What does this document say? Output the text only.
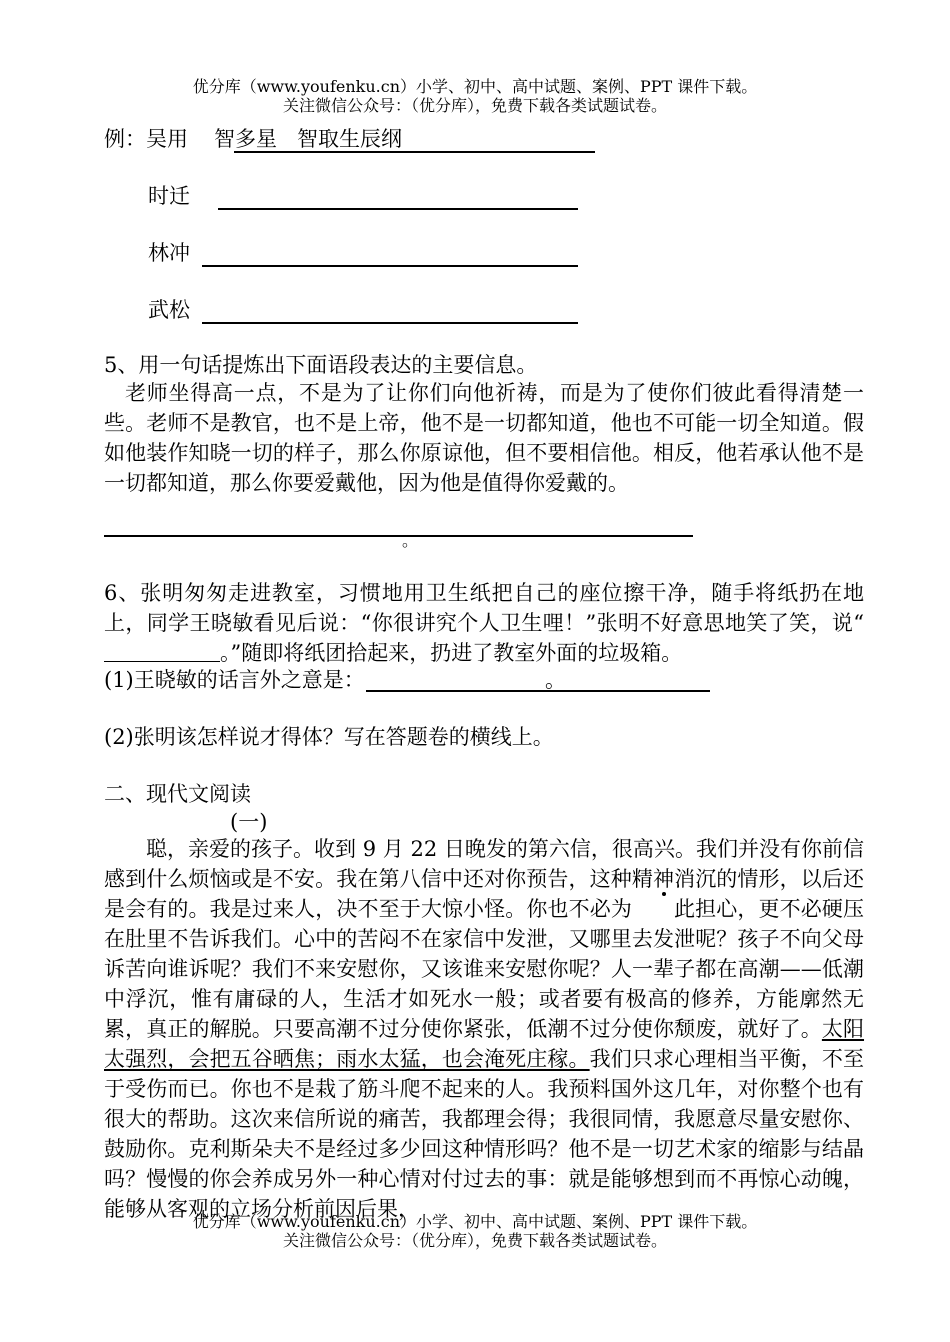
优分库（www.youfenku.cn）小学、初中、高中试题、案例、PPT 课件下载。
关注微信公众号：（优分库），免费下载各类试题试卷。
例：吴用 智多星 智取生辰纲
时迁
林冲
武松
5、用一句话提炼出下面语段表达的主要信息。
老师坐得高一点，不是为了让你们向他祈祷，而是为了使你们彼此看得清楚一些。老师不是教官，也不是上帝，他不是一切都知道，他也不可能一切全知道。假如他装作知晓一切的样子，那么你原谅他，但不要相信他。相反，他若承认他不是一切都知道，那么你要爱戴他，因为他是值得你爱戴的。
。
6、张明匆匆走进教室，习惯地用卫生纸把自己的座位擦干净，随手将纸扔在地上，同学王晓敏看见后说：“你很讲究个人卫生哩！”张明不好意思地笑了笑，说“。”随即将纸团拾起来，扔进了教室外面的垃圾箱。
(1)王晓敏的话言外之意是：	。
(2)张明该怎样说才得体？写在答题卷的横线上。
二、现代文阅读
(一)
聪，亲爱的孩子。收到 9 月 22 日晚发的第六信，很高兴。我们并没有你前信感到什么烦恼或是不安。我在第八信中还对你预告，这种精神消沉的情形，以后还是会有的。我是过来人，决不至于大惊小怪。你也不必为 此担心，更不必硬压在肚里不告诉我们。心中的苦闷不在家信中发泄，又哪里去发泄呢？孩子不向父母诉苦向谁诉呢？我们不来安慰你，又该谁来安慰你呢？人一辈子都在高潮——低潮中浮沉，惟有庸碌的人，生活才如死水一般；或者要有极高的修养，方能廓然无累，真正的解脱。只要高潮不过分使你紧张，低潮不过分使你颓废，就好了。太阳太强烈，会把五谷晒焦；雨水太猛，也会淹死庄稼。我们只求心理相当平衡，不至于受伤而已。你也不是栽了筋斗爬不起来的人。我预料国外这几年，对你整个也有很大的帮助。这次来信所说的痛苦，我都理会得；我很同情，我愿意尽量安慰你、鼓励你。克利斯朵夫不是经过多少回这种情形吗？他不是一切艺术家的缩影与结晶吗？慢慢的你会养成另外一种心情对付过去的事：就是能够想到而不再惊心动魄，能够从客观的立场分析前因后果，
优分库（www.youfenku.cn）小学、初中、高中试题、案例、PPT 课件下载。
关注微信公众号：（优分库），免费下载各类试题试卷。
